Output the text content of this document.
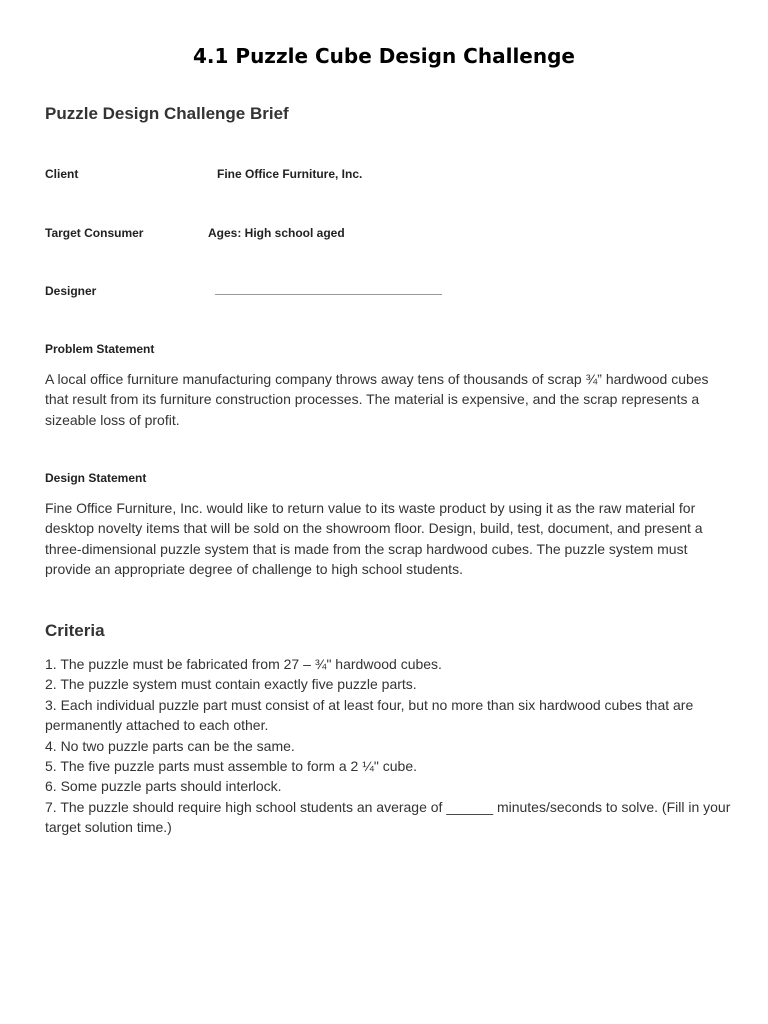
4.1 Puzzle Cube Design Challenge
Puzzle Design Challenge Brief
Client	Fine Office Furniture, Inc.
Target Consumer	Ages: High school aged
Designer	__________________________________
Problem Statement

A local office furniture manufacturing company throws away tens of thousands of scrap ¾” hardwood cubes that result from its furniture construction processes. The material is expensive, and the scrap represents a sizeable loss of profit.

Design Statement

Fine Office Furniture, Inc. would like to return value to its waste product by using it as the raw material for desktop novelty items that will be sold on the showroom floor. Design, build, test, document, and present a three-dimensional puzzle system that is made from the scrap hardwood cubes. The puzzle system must provide an appropriate degree of challenge to high school students.

Criteria
1. The puzzle must be fabricated from 27 – ¾" hardwood cubes.
2. The puzzle system must contain exactly five puzzle parts.
3. Each individual puzzle part must consist of at least four, but no more than six hardwood cubes that are permanently attached to each other.
4. No two puzzle parts can be the same.
5. The five puzzle parts must assemble to form a 2 ¼" cube.
6. Some puzzle parts should interlock.
7. The puzzle should require high school students an average of ______ minutes/seconds to solve. (Fill in your target solution time.)
